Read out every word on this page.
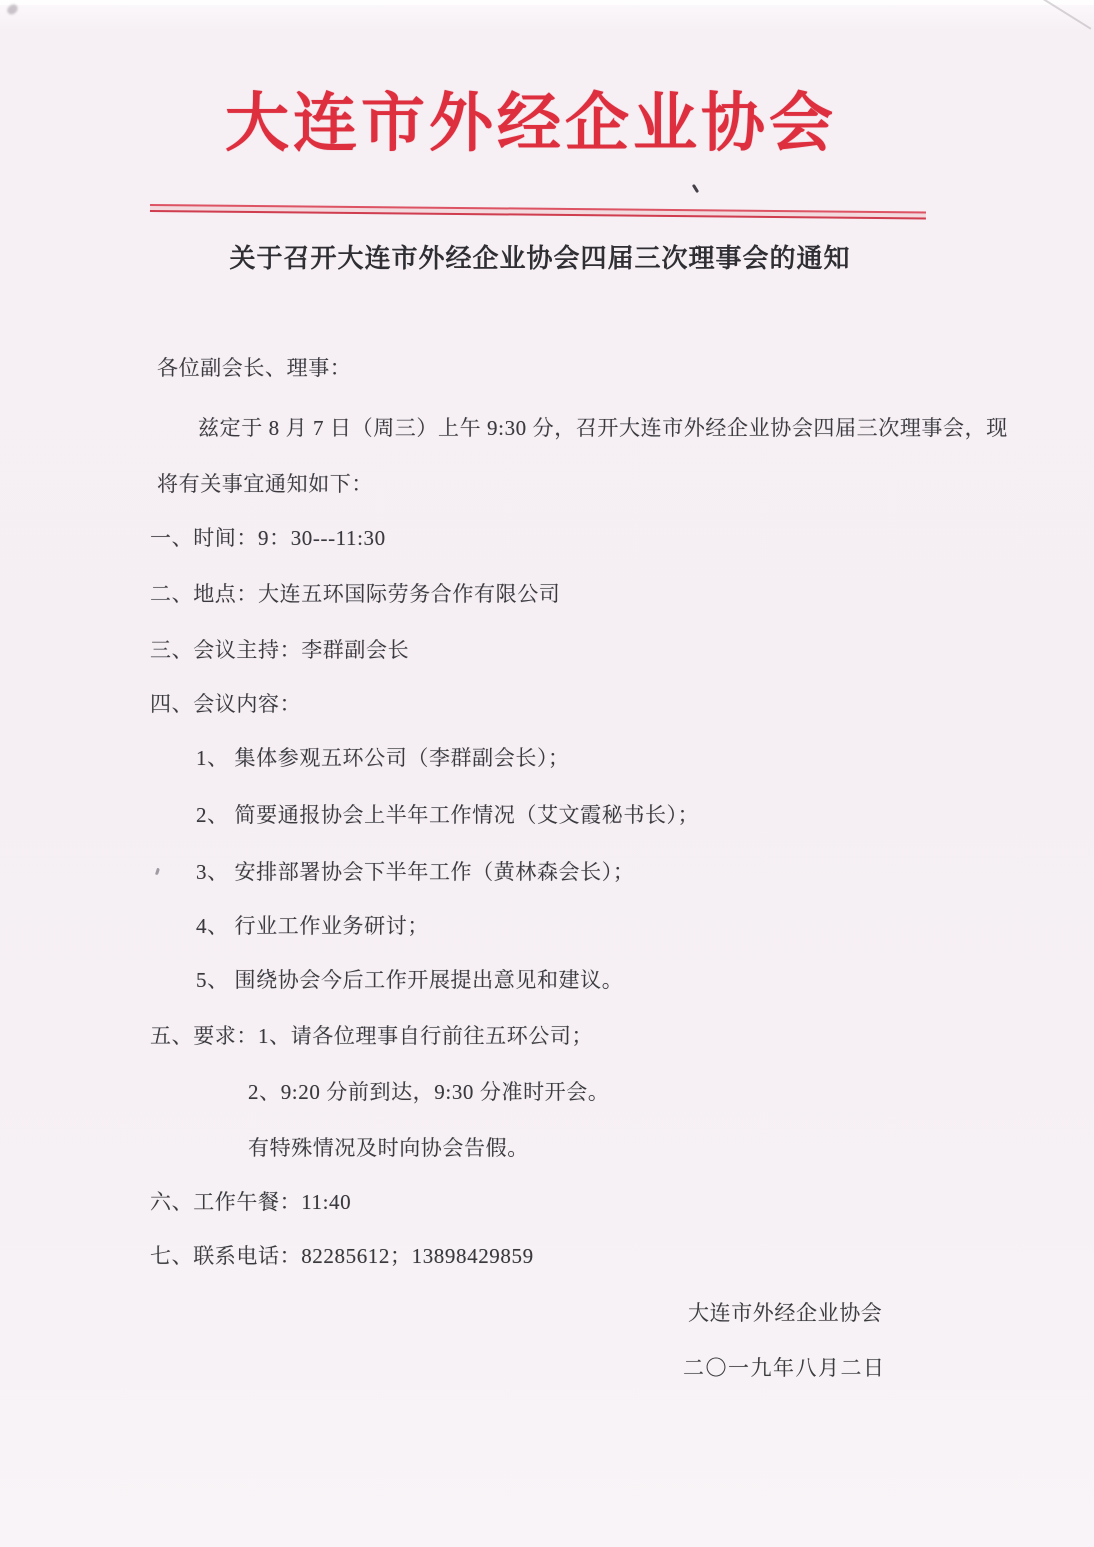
大连市外经企业协会
关于召开大连市外经企业协会四届三次理事会的通知
各位副会长、理事：
兹定于 8 月 7 日（周三）上午 9:30 分，召开大连市外经企业协会四届三次理事会，现
将有关事宜通知如下：
一、时间：9：30---11:30
二、地点：大连五环国际劳务合作有限公司
三、会议主持：李群副会长
四、会议内容：
1、 集体参观五环公司（李群副会长）；
2、 简要通报协会上半年工作情况（艾文霞秘书长）；
3、 安排部署协会下半年工作（黄林森会长）；
4、 行业工作业务研讨；
5、 围绕协会今后工作开展提出意见和建议。
五、要求：1、请各位理事自行前往五环公司；
2、9:20 分前到达，9:30 分准时开会。
有特殊情况及时向协会告假。
六、工作午餐：11:40
七、联系电话：82285612；13898429859
大连市外经企业协会
二〇一九年八月二日
